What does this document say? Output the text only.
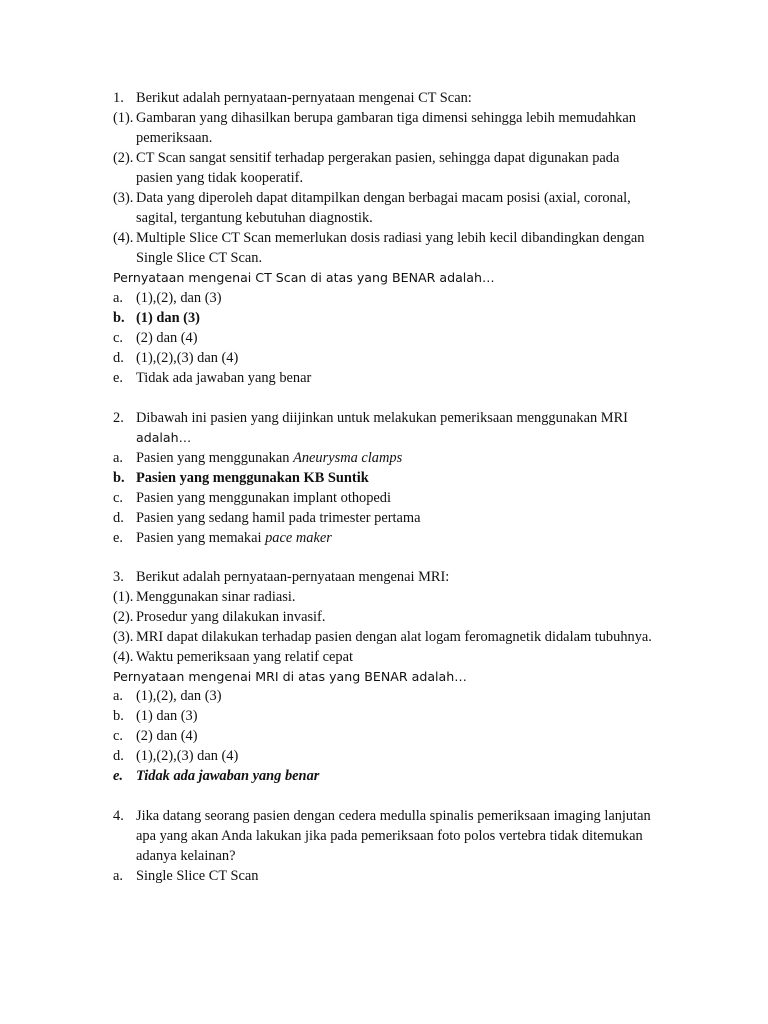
1. Berikut adalah pernyataan-pernyataan mengenai CT Scan:
(1). Gambaran yang dihasilkan berupa gambaran tiga dimensi sehingga lebih memudahkan
pemeriksaan.
(2). CT Scan sangat sensitif terhadap pergerakan pasien, sehingga dapat digunakan pada
pasien yang tidak kooperatif.
(3). Data yang diperoleh dapat ditampilkan dengan berbagai macam posisi (axial, coronal,
sagital, tergantung kebutuhan diagnostik.
(4). Multiple Slice CT Scan memerlukan dosis radiasi yang lebih kecil dibandingkan dengan
Single Slice CT Scan.
Pernyataan mengenai CT Scan di atas yang BENAR adalah…
a. (1),(2), dan (3)
b. (1) dan (3)
c. (2) dan (4)
d. (1),(2),(3) dan (4)
e. Tidak ada jawaban yang benar
2. Dibawah ini pasien yang diijinkan untuk melakukan pemeriksaan menggunakan MRI
adalah…
a. Pasien yang menggunakan Aneurysma clamps
b. Pasien yang menggunakan KB Suntik
c. Pasien yang menggunakan implant othopedi
d. Pasien yang sedang hamil pada trimester pertama
e. Pasien yang memakai pace maker
3. Berikut adalah pernyataan-pernyataan mengenai MRI:
(1). Menggunakan sinar radiasi.
(2). Prosedur yang dilakukan invasif.
(3). MRI dapat dilakukan terhadap pasien dengan alat logam feromagnetik didalam tubuhnya.
(4). Waktu pemeriksaan yang relatif cepat
Pernyataan mengenai MRI di atas yang BENAR adalah…
a. (1),(2), dan (3)
b. (1) dan (3)
c. (2) dan (4)
d. (1),(2),(3) dan (4)
e. Tidak ada jawaban yang benar
4. Jika datang seorang pasien dengan cedera medulla spinalis pemeriksaan imaging lanjutan
apa yang akan Anda lakukan jika pada pemeriksaan foto polos vertebra tidak ditemukan
adanya kelainan?
a. Single Slice CT Scan
